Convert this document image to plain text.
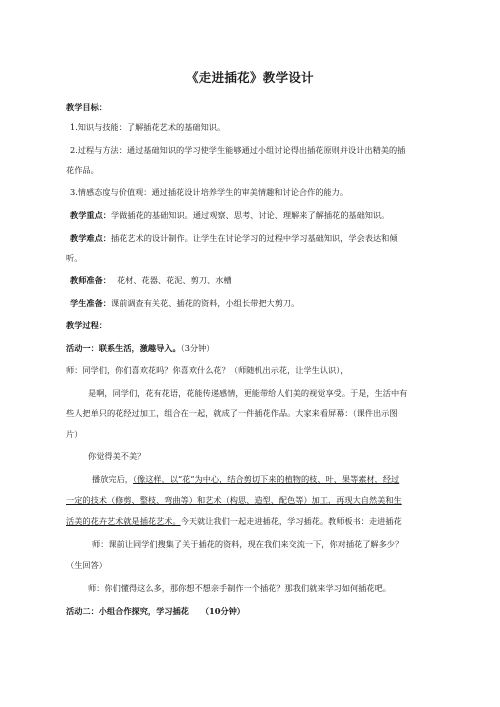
《走进插花》教学设计
教学目标：
1.知识与技能：了解插花艺术的基础知识。
2.过程与方法：通过基础知识的学习使学生能够通过小组讨论得出插花原则并设计出精美的插
花作品。
3.情感态度与价值观：通过插花设计培养学生的审美情趣和讨论合作的能力。
教学重点：学做插花的基础知识。通过观察、思考、讨论、理解来了解插花的基础知识。
教学难点：插花艺术的设计制作。让学生在讨论学习的过程中学习基础知识，学会表达和倾
听。
教师准备： 花材、花器、花泥、剪刀、水槽
学生准备：课前调查有关花、插花的资料，小组长带把大剪刀。
教学过程：
活动一：联系生活，激趣导入。（3分钟）
师：同学们，你们喜欢花吗？你喜欢什么花？（师随机出示花，让学生认识），
是啊，同学们，花有花语，花能传递感情，更能带给人们美的视觉享受。于是，生活中有
些人把单只的花经过加工，组合在一起，就成了一件插花作品。大家来看屏幕：（课件出示图
片）
你觉得美不美？
播放完后，（像这样，以“花”为中心，结合剪切下来的植物的枝、叶、果等素材，经过
一定的技术（修剪、整枝、弯曲等）和艺术（构思、造型、配色等）加工，再现大自然美和生
活美的花卉艺术就是插花艺术。今天就让我们一起走进插花，学习插花。教师板书：走进插花
师：课前让同学们搜集了关于插花的资料，现在我们来交流一下，你对插花了解多少？
（生回答）
师：你们懂得这么多，那你想不想亲手制作一个插花？那我们就来学习如何插花吧。
活动二：小组合作探究，学习插花 （10分钟）
